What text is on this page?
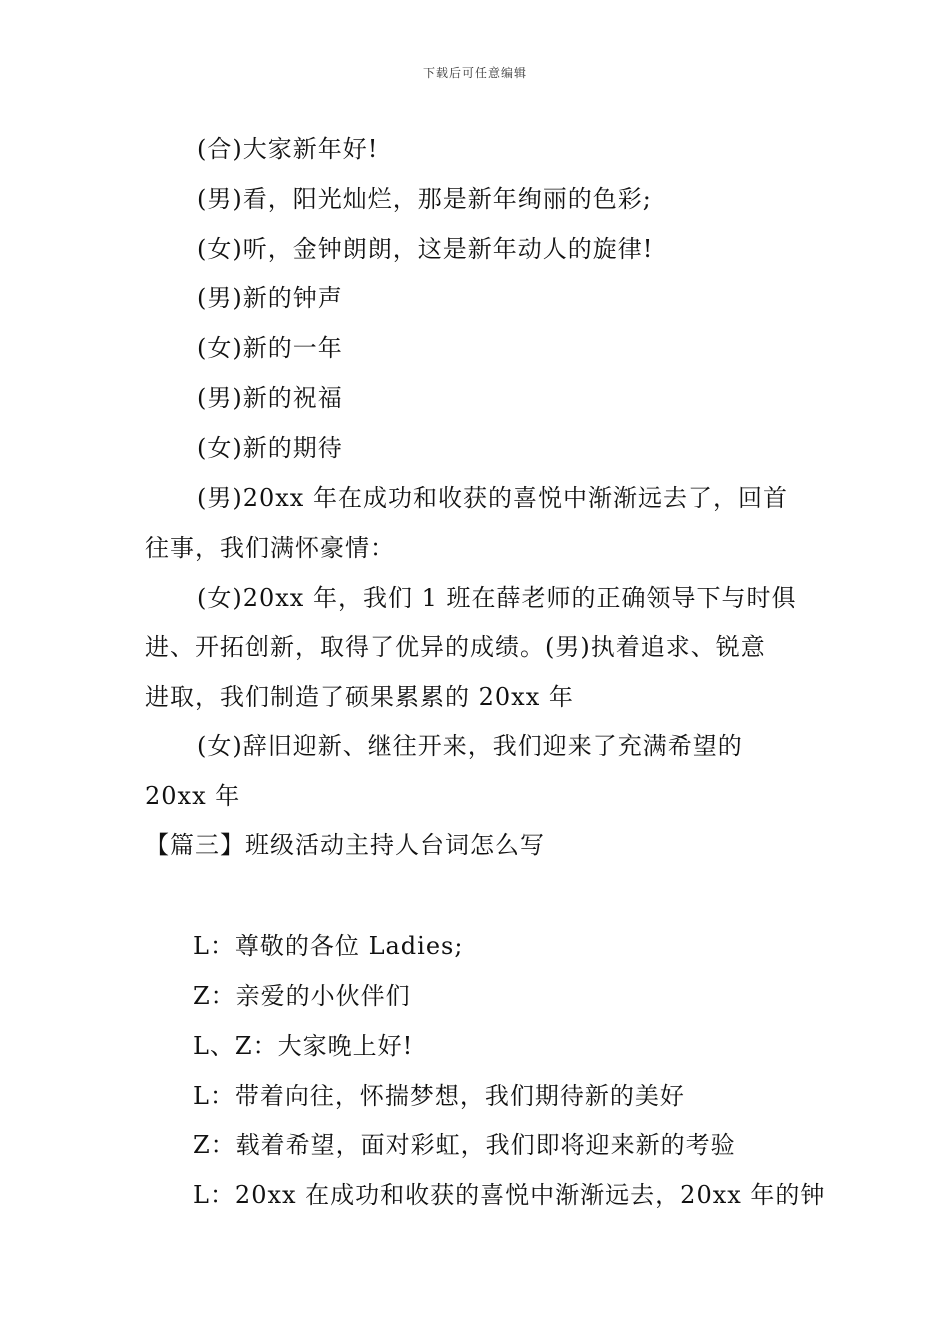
下载后可任意编辑
(合)大家新年好!
(男)看，阳光灿烂，那是新年绚丽的色彩;
(女)听，金钟朗朗，这是新年动人的旋律!
(男)新的钟声
(女)新的一年
(男)新的祝福
(女)新的期待
(男)20xx 年在成功和收获的喜悦中渐渐远去了，回首
往事，我们满怀豪情：
(女)20xx 年，我们 1 班在薛老师的正确领导下与时俱
进、开拓创新，取得了优异的成绩。(男)执着追求、锐意
进取，我们制造了硕果累累的 20xx 年
(女)辞旧迎新、继往开来，我们迎来了充满希望的
20xx 年
【篇三】班级活动主持人台词怎么写
L：尊敬的各位 Ladies;
Z：亲爱的小伙伴们
L、Z：大家晚上好!
L：带着向往，怀揣梦想，我们期待新的美好
Z：载着希望，面对彩虹，我们即将迎来新的考验
L：20xx 在成功和收获的喜悦中渐渐远去，20xx 年的钟
